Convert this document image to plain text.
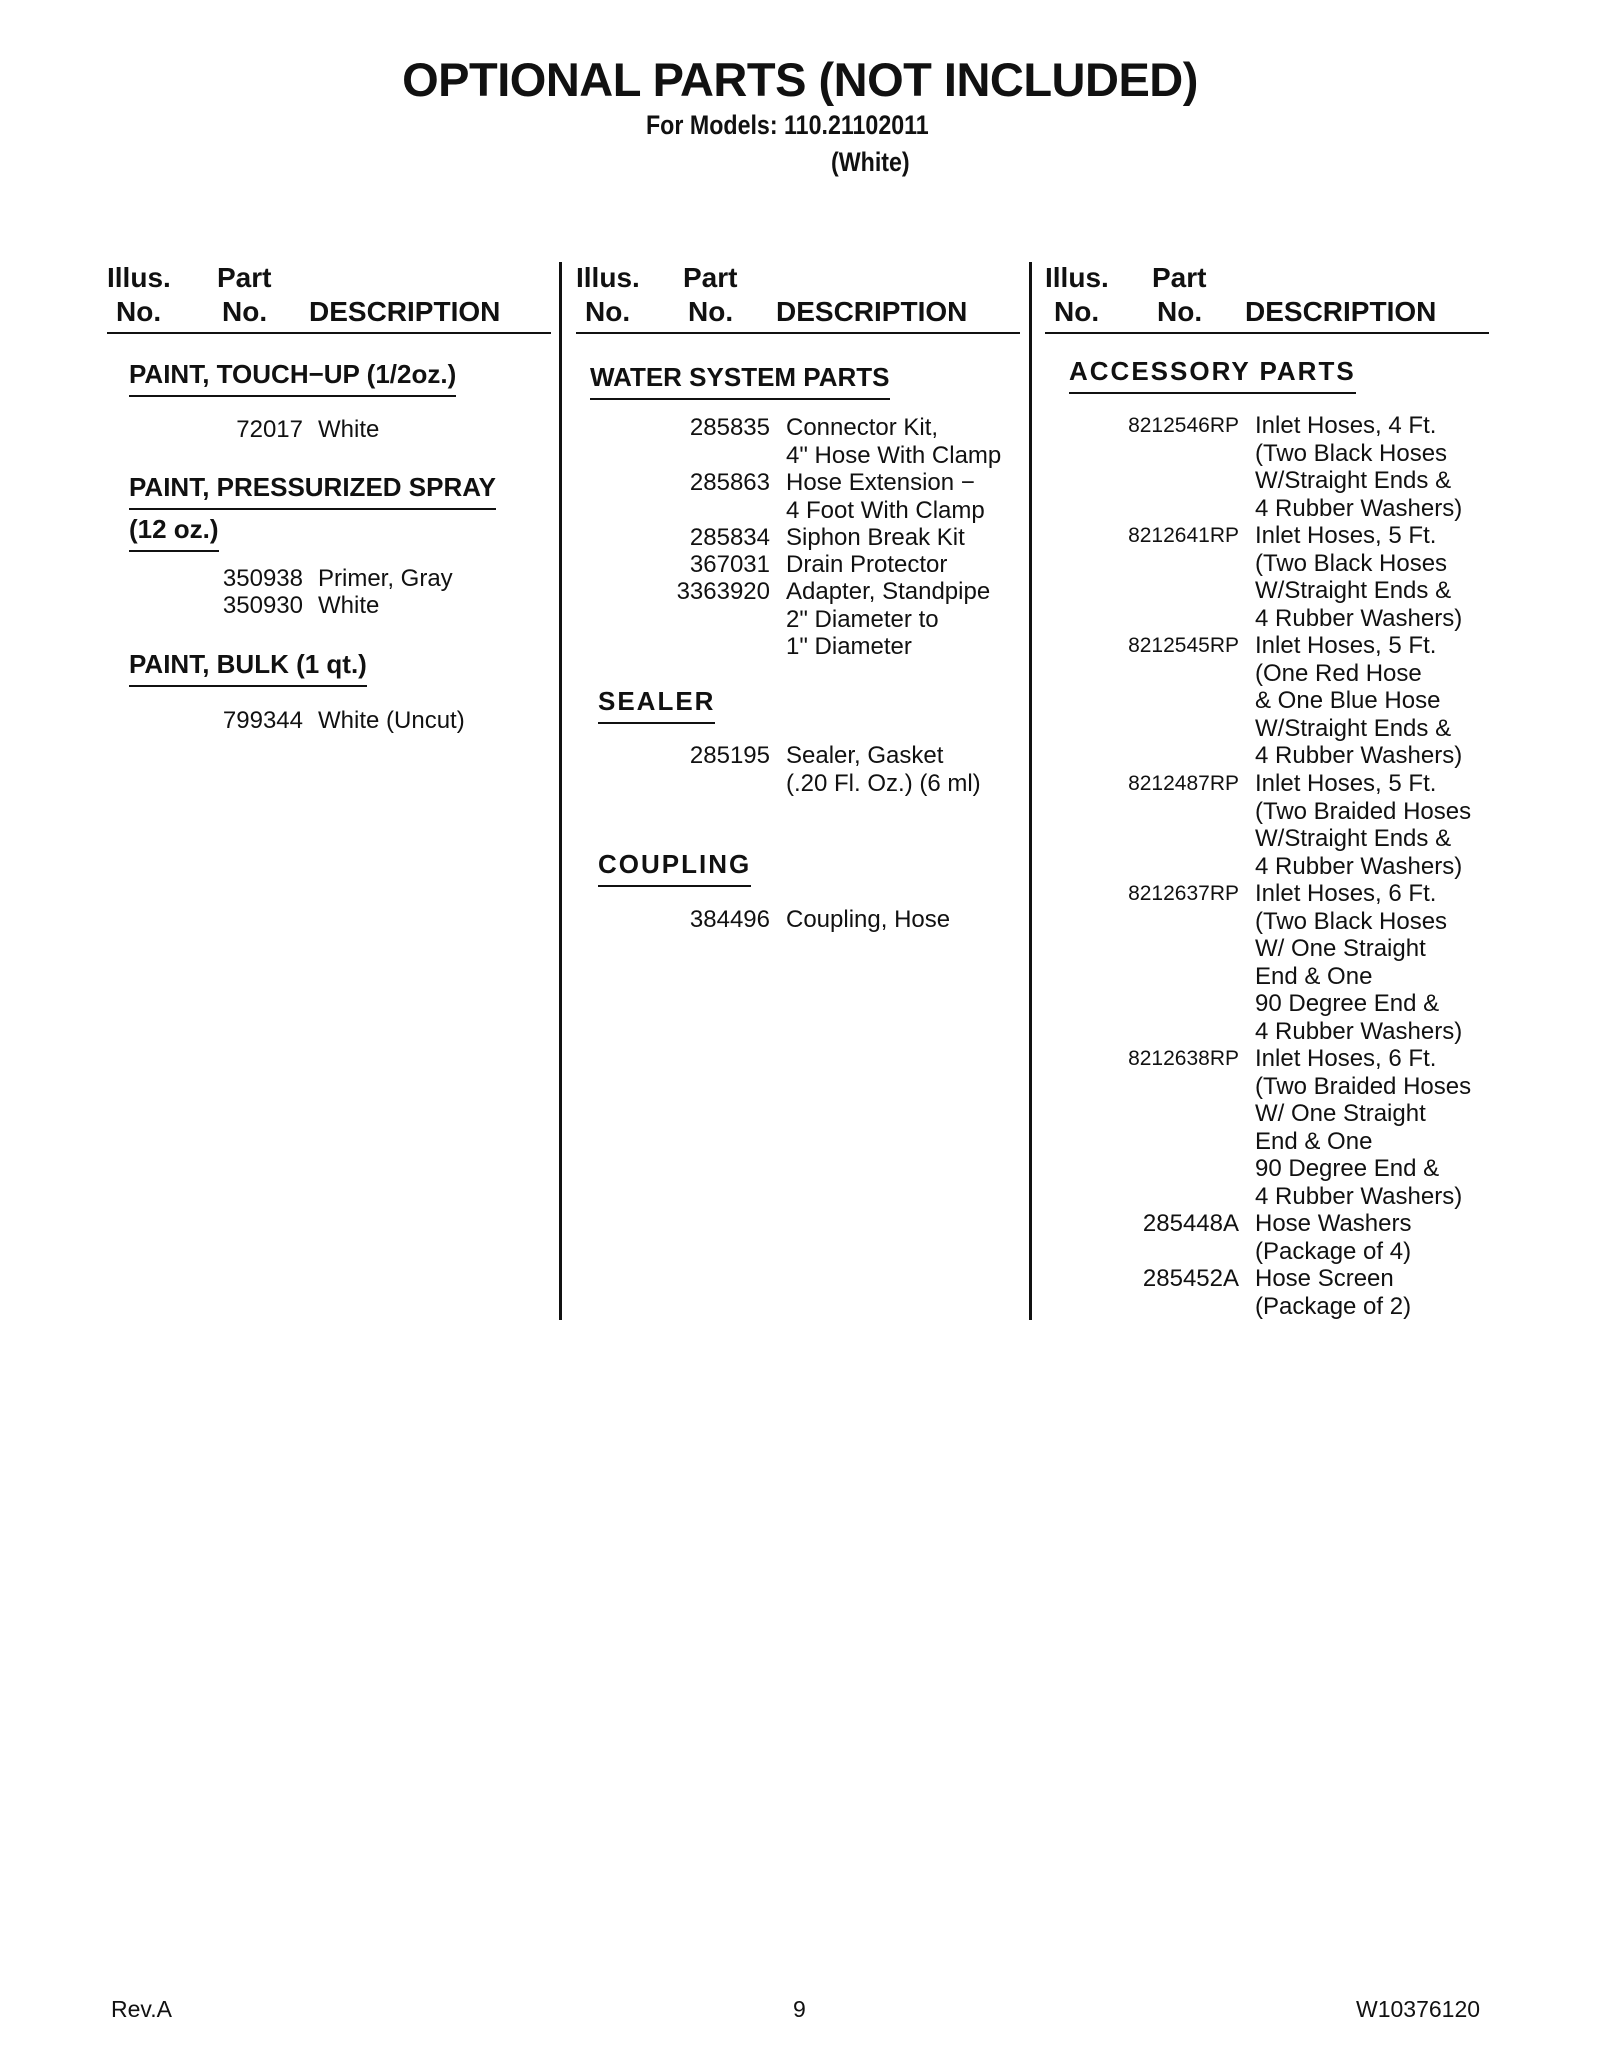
OPTIONAL PARTS (NOT INCLUDED)
For Models: 110.21102011
(White)
Illus. Part
No. No. DESCRIPTION
PAINT, TOUCH−UP (1/2oz.)
72017 White
PAINT, PRESSURIZED SPRAY
(12 oz.)
350938 Primer, Gray
350930 White
PAINT, BULK (1 qt.)
799344 White (Uncut)
Illus. Part
No. No. DESCRIPTION
WATER SYSTEM PARTS
285835 Connector Kit,
4" Hose With Clamp
285863 Hose Extension −
4 Foot With Clamp
285834 Siphon Break Kit
367031 Drain Protector
3363920 Adapter, Standpipe
2" Diameter to
1" Diameter
SEALER
285195 Sealer, Gasket
(.20 Fl. Oz.) (6 ml)
COUPLING
384496 Coupling, Hose
Illus. Part
No. No. DESCRIPTION
ACCESSORY PARTS
8212546RP Inlet Hoses, 4 Ft.
(Two Black Hoses
W/Straight Ends &
4 Rubber Washers)
8212641RP Inlet Hoses, 5 Ft.
(Two Black Hoses
W/Straight Ends &
4 Rubber Washers)
8212545RP Inlet Hoses, 5 Ft.
(One Red Hose
& One Blue Hose
W/Straight Ends &
4 Rubber Washers)
8212487RP Inlet Hoses, 5 Ft.
(Two Braided Hoses
W/Straight Ends &
4 Rubber Washers)
8212637RP Inlet Hoses, 6 Ft.
(Two Black Hoses
W/ One Straight
End & One
90 Degree End &
4 Rubber Washers)
8212638RP Inlet Hoses, 6 Ft.
(Two Braided Hoses
W/ One Straight
End & One
90 Degree End &
4 Rubber Washers)
285448A Hose Washers
(Package of 4)
285452A Hose Screen
(Package of 2)
Rev.A	9	W10376120
